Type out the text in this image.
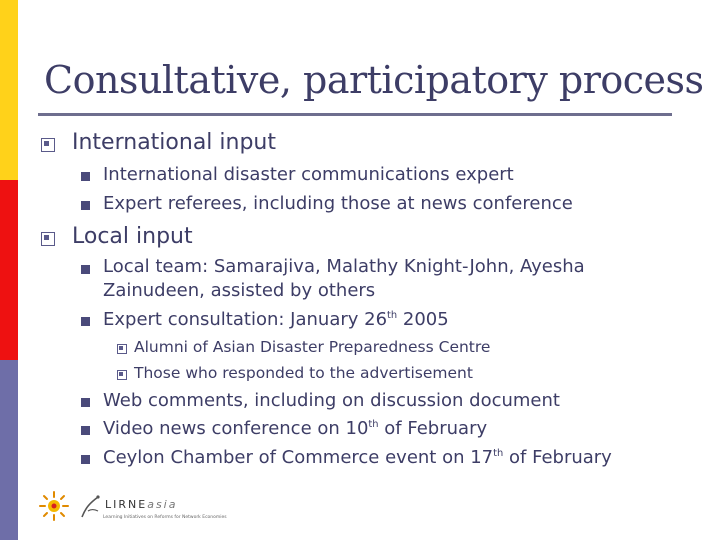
Consultative, participatory process
International input
International disaster communications expert
Expert referees, including those at news conference
Local input
Local team: Samarajiva, Malathy Knight-John, Ayesha
Zainudeen, assisted by others
Expert consultation: January 26th 2005
Alumni of Asian Disaster Preparedness Centre
Those who responded to the advertisement
Web comments, including on discussion document
Video news conference on 10th of February
Ceylon Chamber of Commerce event on 17th of February
LIRNEasia
Learning Initiatives on Reforms for Network Economies
